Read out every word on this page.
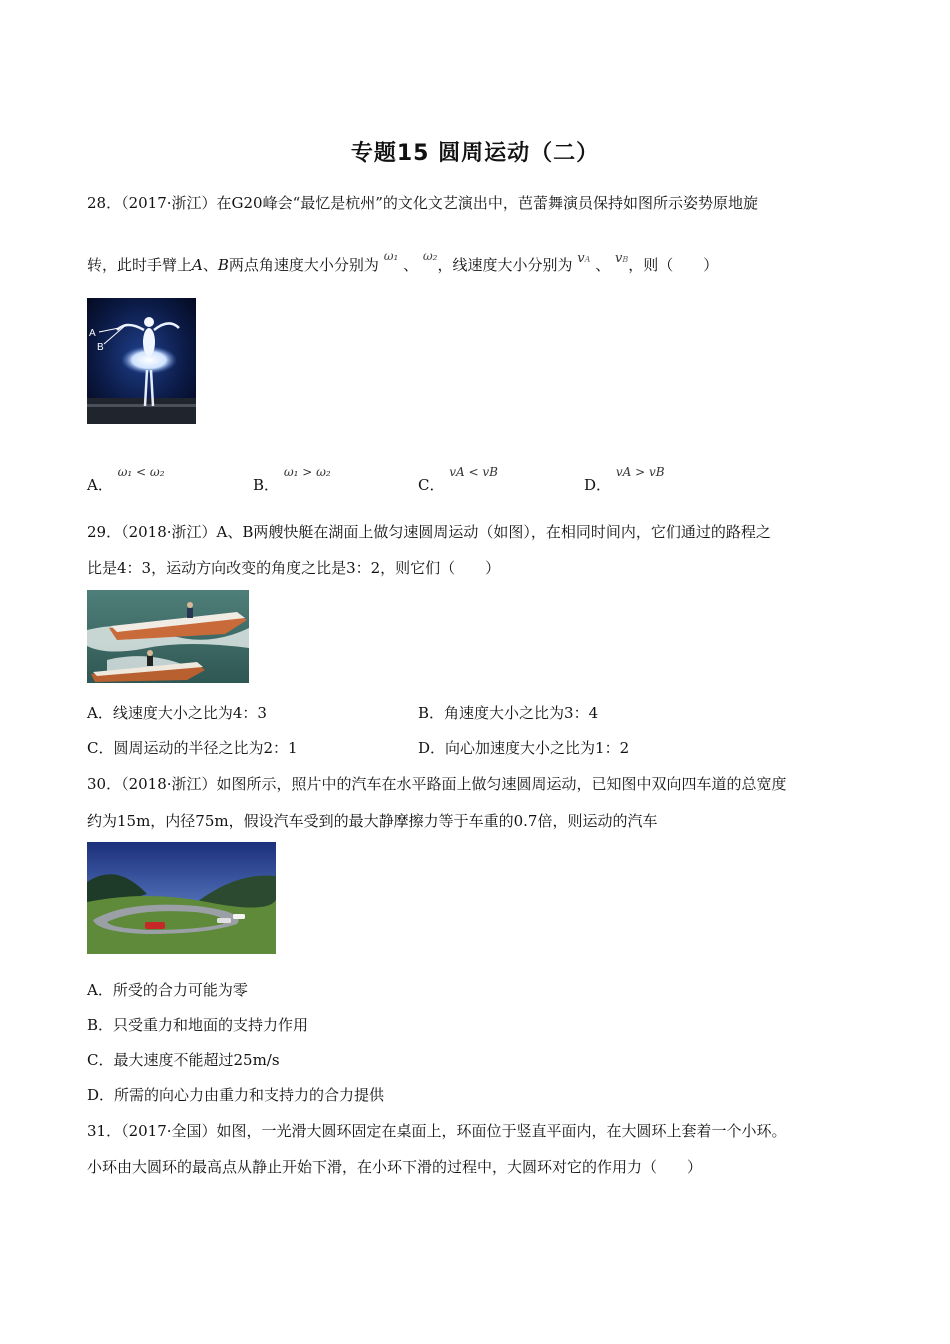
专题15 圆周运动（二）
28．（2017·浙江）在G20峰会“最忆是杭州”的文化文艺演出中，芭蕾舞演员保持如图所示姿势原地旋
转，此时手臂上A、B两点角速度大小分别为 $^{\omega_1}$ 、 $^{\omega_2}$，线速度大小分别为 vA 、 vB，则（　　）
A
B
A． $^{\omega_1 < \omega_2}$
B． $^{\omega_1 > \omega_2}$
C． $^{vA < vB}$
D． $^{vA > vB}$
29．（2018·浙江）A、B两艘快艇在湖面上做匀速圆周运动（如图），在相同时间内，它们通过的路程之
比是4：3，运动方向改变的角度之比是3：2，则它们（　　）
A．线速度大小之比为4：3	B．角速度大小之比为3：4
C．圆周运动的半径之比为2：1	D．向心加速度大小之比为1：2
30．（2018·浙江）如图所示，照片中的汽车在水平路面上做匀速圆周运动，已知图中双向四车道的总宽度
约为15m，内径75m，假设汽车受到的最大静摩擦力等于车重的0.7倍，则运动的汽车
A．所受的合力可能为零
B．只受重力和地面的支持力作用
C．最大速度不能超过25m/s
D．所需的向心力由重力和支持力的合力提供
31．（2017·全国）如图，一光滑大圆环固定在桌面上，环面位于竖直平面内，在大圆环上套着一个小环。
小环由大圆环的最高点从静止开始下滑，在小环下滑的过程中，大圆环对它的作用力（　　）
